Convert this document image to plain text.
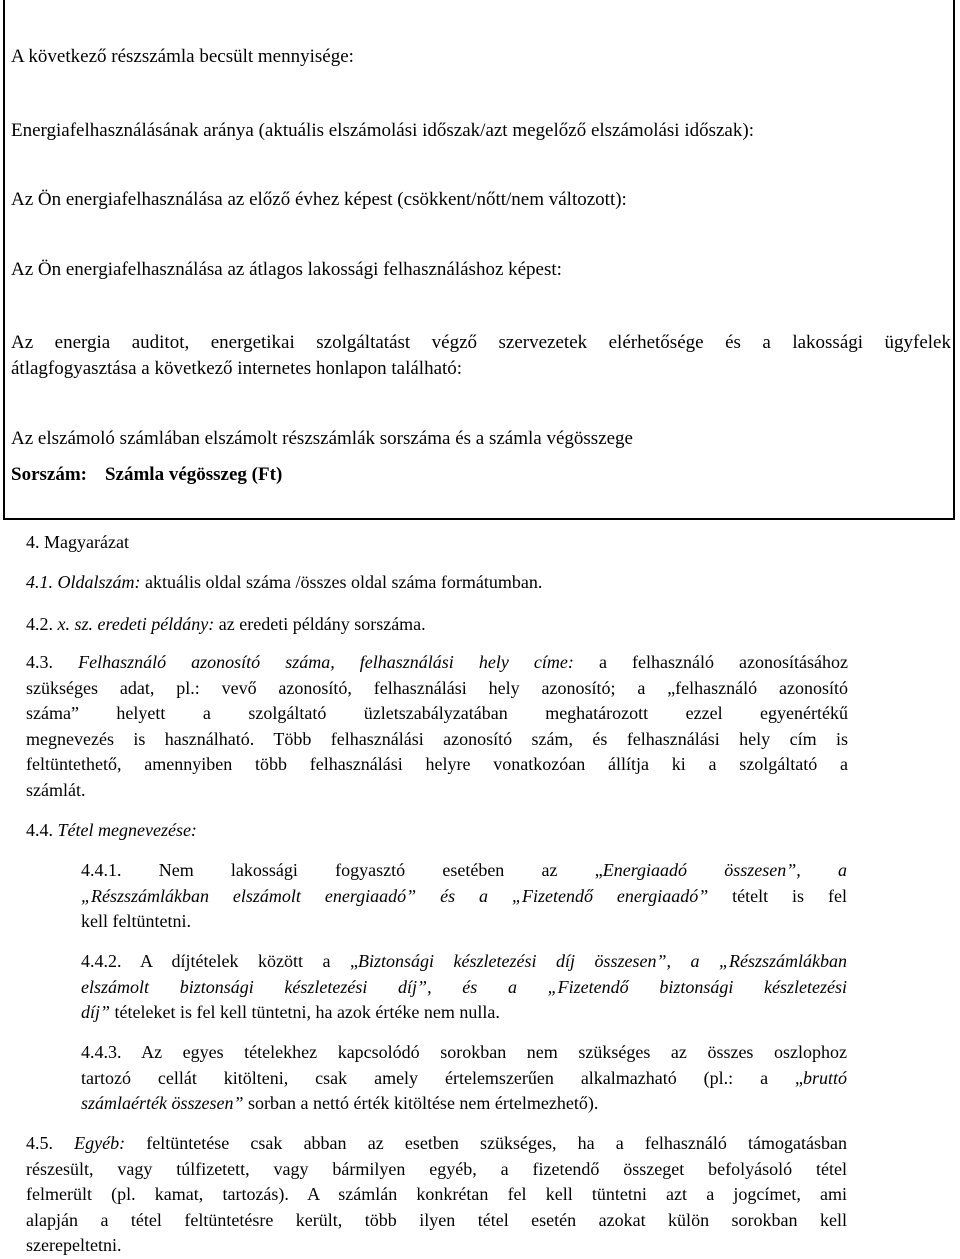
A következő részszámla becsült mennyisége:
Energiafelhasználásának aránya (aktuális elszámolási időszak/azt megelőző elszámolási időszak):
Az Ön energiafelhasználása az előző évhez képest (csökkent/nőtt/nem változott):
Az Ön energiafelhasználása az átlagos lakossági felhasználáshoz képest:
Az energia auditot, energetikai szolgáltatást végző szervezetek elérhetősége és a lakossági ügyfelek
átlagfogyasztása a következő internetes honlapon található:
Az elszámoló számlában elszámolt részszámlák sorszáma és a számla végösszege
Sorszám: Számla végösszeg (Ft)
4. Magyarázat
4.1. Oldalszám: aktuális oldal száma /összes oldal száma formátumban.
4.2. x. sz. eredeti példány: az eredeti példány sorszáma.
4.3. Felhasználó azonosító száma, felhasználási hely címe: a felhasználó azonosításához
szükséges adat, pl.: vevő azonosító, felhasználási hely azonosító; a „felhasználó azonosító
száma” helyett a szolgáltató üzletszabályzatában meghatározott ezzel egyenértékű
megnevezés is használható. Több felhasználási azonosító szám, és felhasználási hely cím is
feltüntethető, amennyiben több felhasználási helyre vonatkozóan állítja ki a szolgáltató a
számlát.
4.4. Tétel megnevezése:
4.4.1. Nem lakossági fogyasztó esetében az „Energiaadó összesen”, a
„Részszámlákban elszámolt energiaadó” és a „Fizetendő energiaadó” tételt is fel
kell feltüntetni.
4.4.2. A díjtételek között a „Biztonsági készletezési díj összesen”, a „Részszámlákban
elszámolt biztonsági készletezési díj”, és a „Fizetendő biztonsági készletezési
díj” tételeket is fel kell tüntetni, ha azok értéke nem nulla.
4.4.3. Az egyes tételekhez kapcsolódó sorokban nem szükséges az összes oszlophoz
tartozó cellát kitölteni, csak amely értelemszerűen alkalmazható (pl.: a „bruttó
számlaérték összesen” sorban a nettó érték kitöltése nem értelmezhető).
4.5. Egyéb: feltüntetése csak abban az esetben szükséges, ha a felhasználó támogatásban
részesült, vagy túlfizetett, vagy bármilyen egyéb, a fizetendő összeget befolyásoló tétel
felmerült (pl. kamat, tartozás). A számlán konkrétan fel kell tüntetni azt a jogcímet, ami
alapján a tétel feltüntetésre került, több ilyen tétel esetén azokat külön sorokban kell
szerepeltetni.
